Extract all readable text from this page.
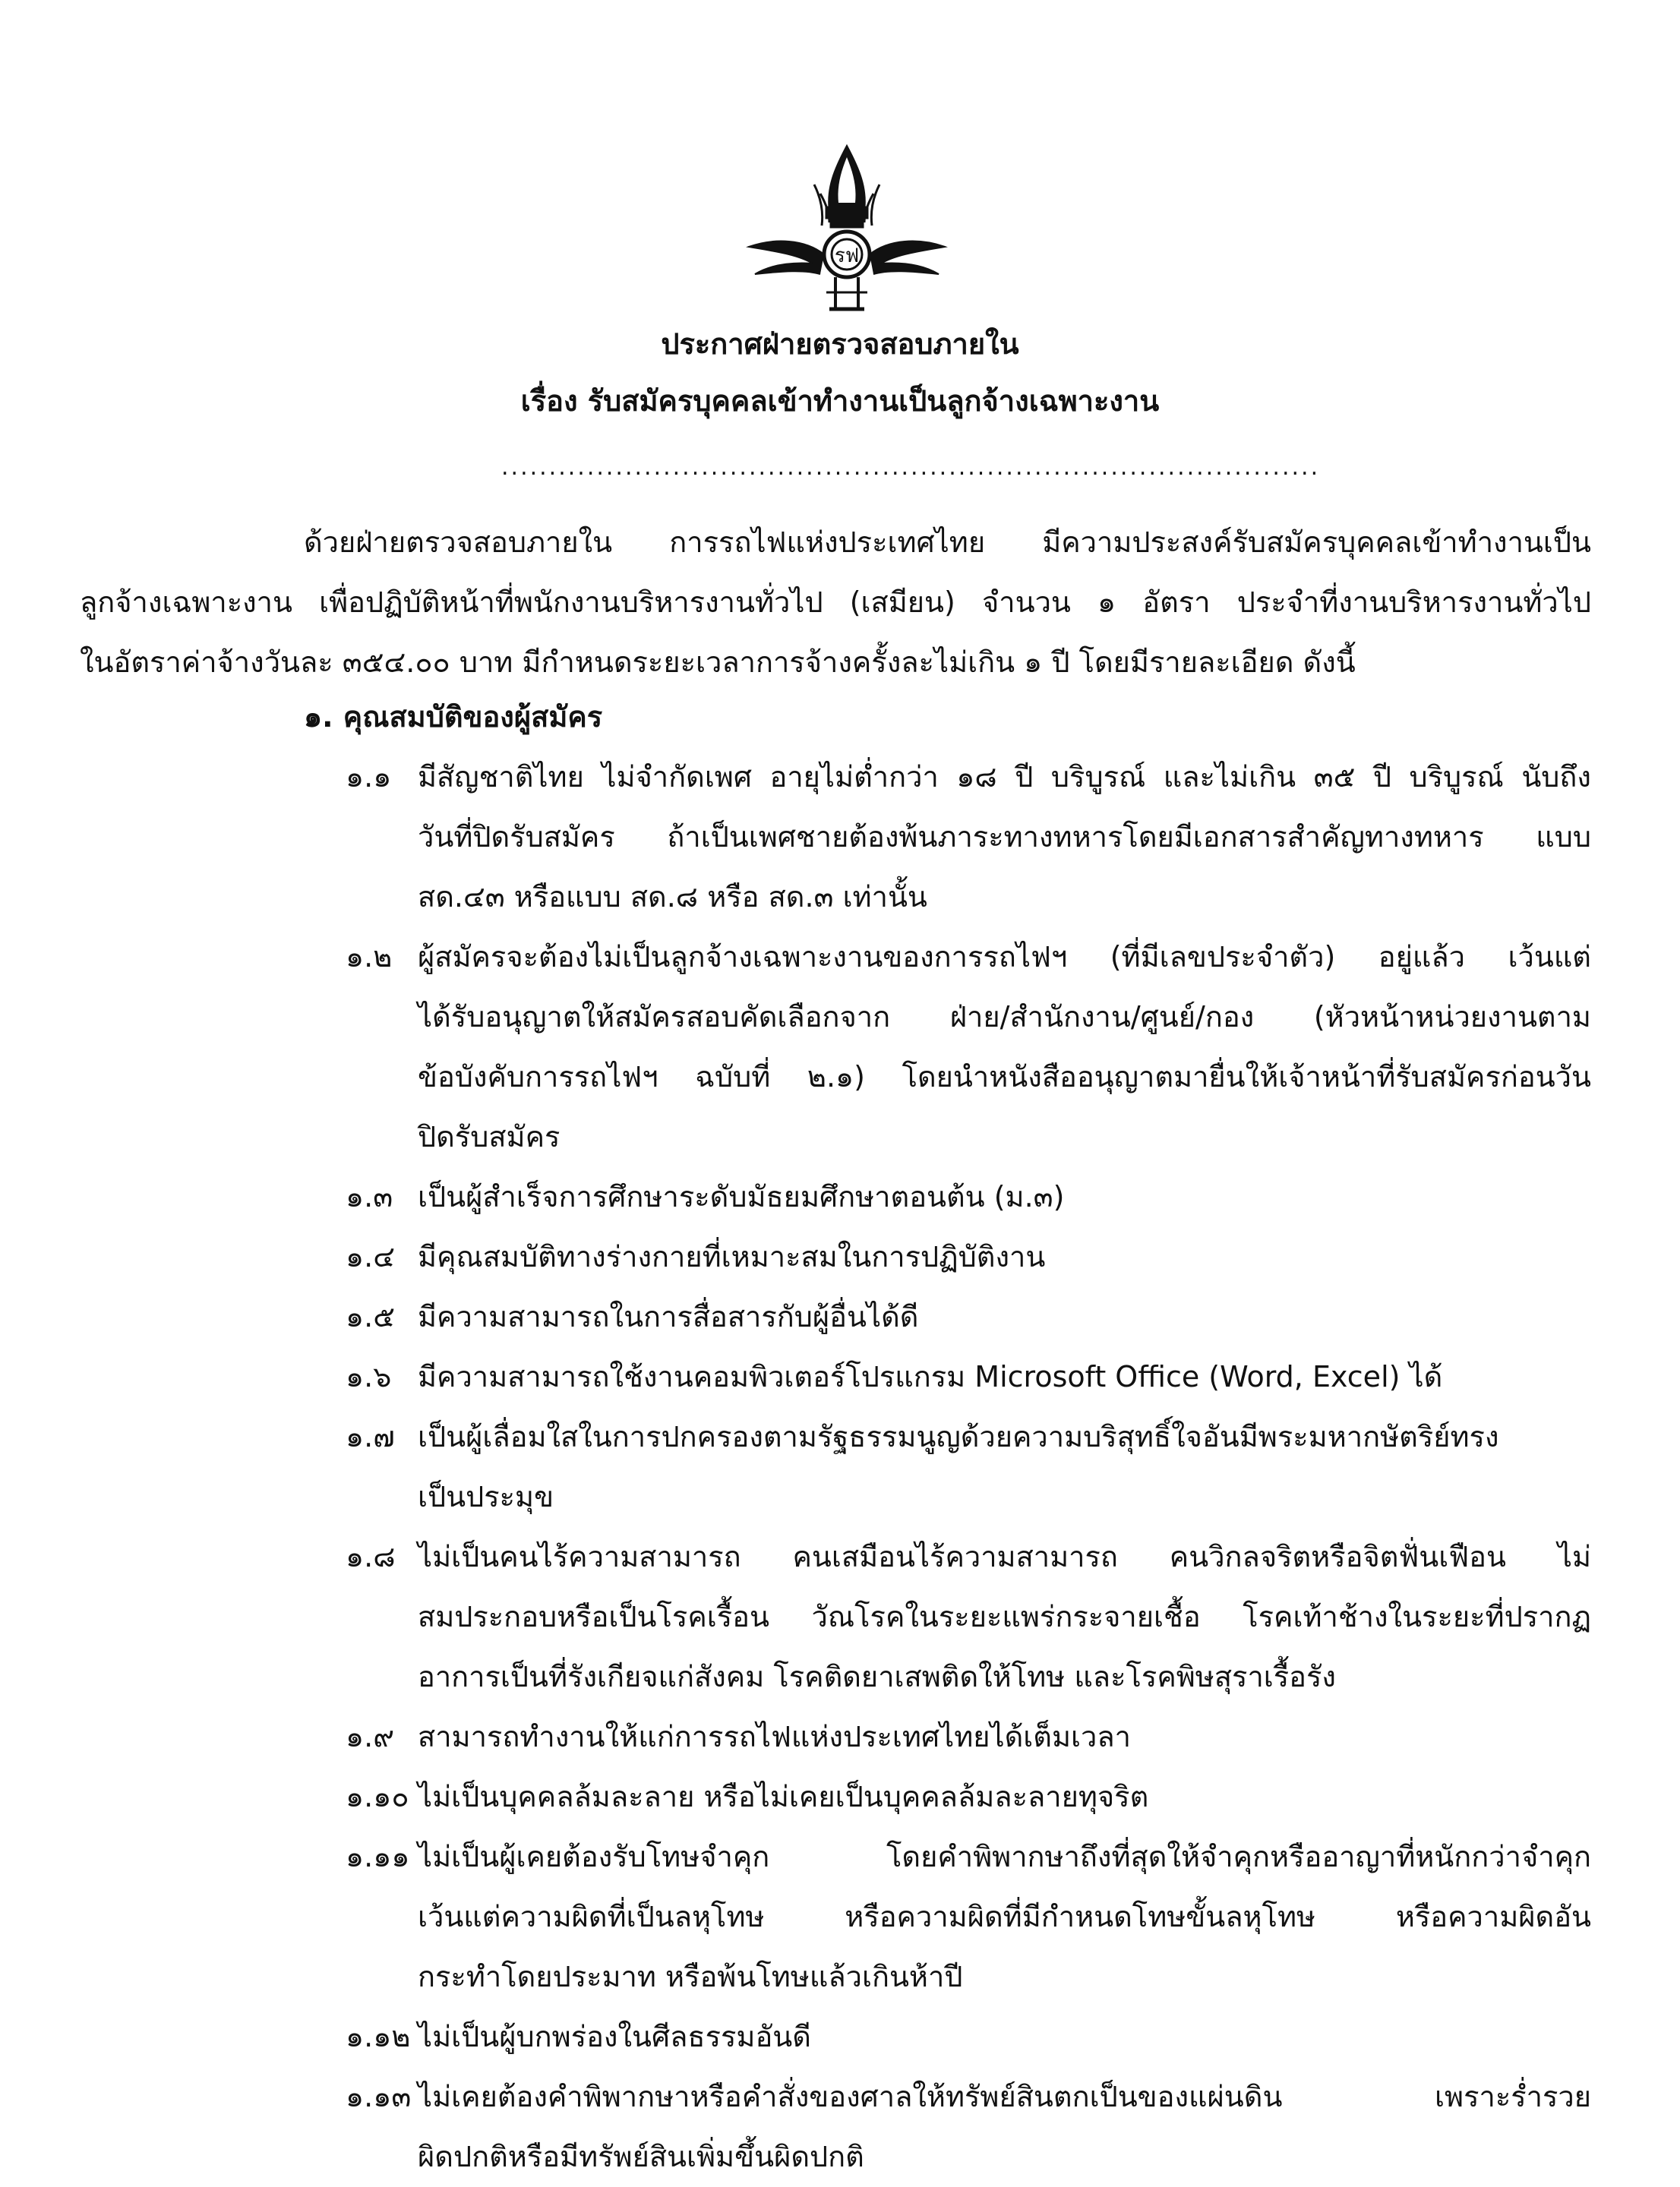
รฟ
ประกาศฝ่ายตรวจสอบภายใน
เรื่อง รับสมัครบุคคลเข้าทำงานเป็นลูกจ้างเฉพาะงาน
......................................................................................
ด้วยฝ่ายตรวจสอบภายใน การรถไฟแห่งประเทศไทย มีความประสงค์รับสมัครบุคคลเข้าทำงานเป็น
ลูกจ้างเฉพาะงาน เพื่อปฏิบัติหน้าที่พนักงานบริหารงานทั่วไป (เสมียน) จำนวน ๑ อัตรา ประจำที่งานบริหารงานทั่วไป
ในอัตราค่าจ้างวันละ ๓๕๔.๐๐ บาท มีกำหนดระยะเวลาการจ้างครั้งละไม่เกิน ๑ ปี โดยมีรายละเอียด ดังนี้
๑. คุณสมบัติของผู้สมัคร
๑.๑ มีสัญชาติไทย ไม่จำกัดเพศ อายุไม่ต่ำกว่า ๑๘ ปี บริบูรณ์ และไม่เกิน ๓๕ ปี บริบูรณ์ นับถึง
วันที่ปิดรับสมัคร ถ้าเป็นเพศชายต้องพ้นภาระทางทหารโดยมีเอกสารสำคัญทางทหาร แบบ
สด.๔๓ หรือแบบ สด.๘ หรือ สด.๓ เท่านั้น
๑.๒ ผู้สมัครจะต้องไม่เป็นลูกจ้างเฉพาะงานของการรถไฟฯ (ที่มีเลขประจำตัว) อยู่แล้ว เว้นแต่
ได้รับอนุญาตให้สมัครสอบคัดเลือกจาก ฝ่าย/สำนักงาน/ศูนย์/กอง (หัวหน้าหน่วยงานตาม
ข้อบังคับการรถไฟฯ ฉบับที่ ๒.๑) โดยนำหนังสืออนุญาตมายื่นให้เจ้าหน้าที่รับสมัครก่อนวัน
ปิดรับสมัคร
๑.๓ เป็นผู้สำเร็จการศึกษาระดับมัธยมศึกษาตอนต้น (ม.๓)
๑.๔ มีคุณสมบัติทางร่างกายที่เหมาะสมในการปฏิบัติงาน
๑.๕ มีความสามารถในการสื่อสารกับผู้อื่นได้ดี
๑.๖ มีความสามารถใช้งานคอมพิวเตอร์โปรแกรม Microsoft Office (Word, Excel) ได้
๑.๗ เป็นผู้เลื่อมใสในการปกครองตามรัฐธรรมนูญด้วยความบริสุทธิ์ใจอันมีพระมหากษัตริย์ทรง
เป็นประมุข
๑.๘ ไม่เป็นคนไร้ความสามารถ คนเสมือนไร้ความสามารถ คนวิกลจริตหรือจิตฟั่นเฟือน ไม่
สมประกอบหรือเป็นโรคเรื้อน วัณโรคในระยะแพร่กระจายเชื้อ โรคเท้าช้างในระยะที่ปรากฏ
อาการเป็นที่รังเกียจแก่สังคม โรคติดยาเสพติดให้โทษ และโรคพิษสุราเรื้อรัง
๑.๙ สามารถทำงานให้แก่การรถไฟแห่งประเทศไทยได้เต็มเวลา
๑.๑๐ ไม่เป็นบุคคลล้มละลาย หรือไม่เคยเป็นบุคคลล้มละลายทุจริต
๑.๑๑ ไม่เป็นผู้เคยต้องรับโทษจำคุก โดยคำพิพากษาถึงที่สุดให้จำคุกหรืออาญาที่หนักกว่าจำคุก
เว้นแต่ความผิดที่เป็นลหุโทษ หรือความผิดที่มีกำหนดโทษขั้นลหุโทษ หรือความผิดอัน
กระทำโดยประมาท หรือพ้นโทษแล้วเกินห้าปี
๑.๑๒ ไม่เป็นผู้บกพร่องในศีลธรรมอันดี
๑.๑๓ ไม่เคยต้องคำพิพากษาหรือคำสั่งของศาลให้ทรัพย์สินตกเป็นของแผ่นดิน เพราะร่ำรวย
ผิดปกติหรือมีทรัพย์สินเพิ่มขึ้นผิดปกติ
